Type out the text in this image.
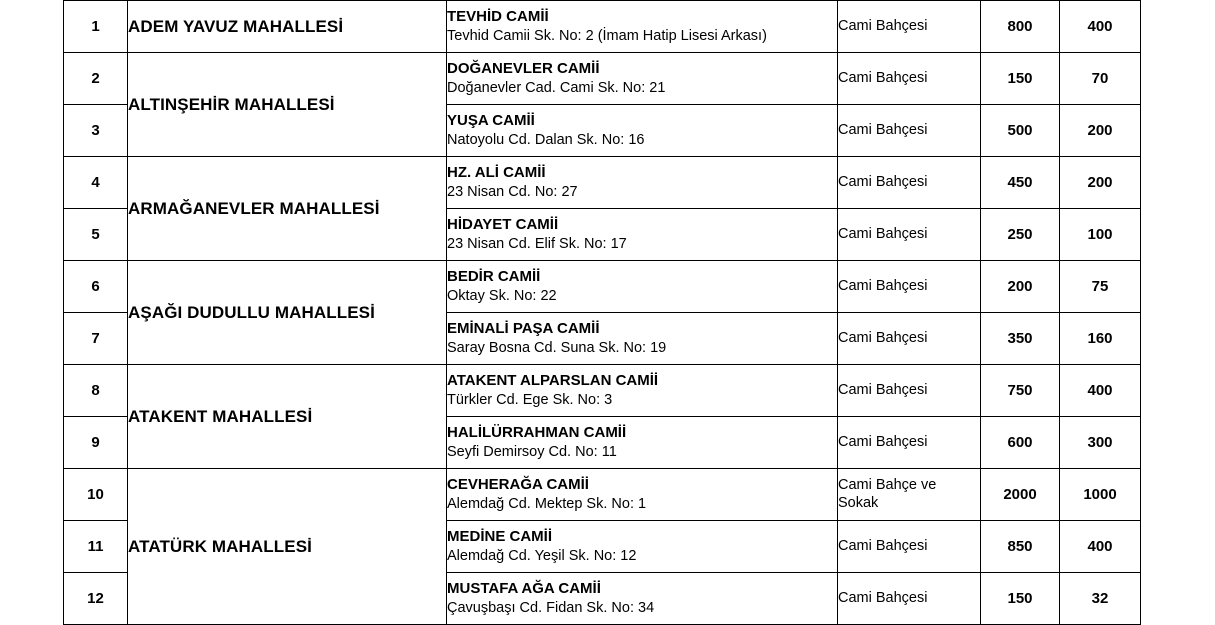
1	ADEM YAVUZ MAHALLESİ	TEVHİD CAMİİ
Tevhid Camii Sk. No: 2 (İmam Hatip Lisesi Arkası)	Cami Bahçesi	800	400
2	ALTINŞEHİR MAHALLESİ	DOĞANEVLER CAMİİ
Doğanevler Cad. Cami Sk. No: 21	Cami Bahçesi	150	70
3		YUŞA CAMİİ
Natoyolu Cd. Dalan Sk. No: 16	Cami Bahçesi	500	200
4	ARMAĞANEVLER MAHALLESİ	HZ. ALİ CAMİİ
23 Nisan Cd. No: 27	Cami Bahçesi	450	200
5		HİDAYET CAMİİ
23 Nisan Cd. Elif Sk. No: 17	Cami Bahçesi	250	100
6	AŞAĞI DUDULLU MAHALLESİ	BEDİR CAMİİ
Oktay Sk. No: 22	Cami Bahçesi	200	75
7		EMİNALİ PAŞA CAMİİ
Saray Bosna Cd. Suna Sk. No: 19	Cami Bahçesi	350	160
8	ATAKENT MAHALLESİ	ATAKENT ALPARSLAN CAMİİ
Türkler Cd. Ege Sk. No: 3	Cami Bahçesi	750	400
9		HALİLÜRRAHMAN CAMİİ
Seyfi Demirsoy Cd. No: 11	Cami Bahçesi	600	300
10	ATATÜRK MAHALLESİ	CEVHERAĞA CAMİİ
Alemdağ Cd. Mektep Sk. No: 1	Cami Bahçe ve Sokak	2000	1000
11		MEDİNE CAMİİ
Alemdağ Cd. Yeşil Sk. No: 12	Cami Bahçesi	850	400
12		MUSTAFA AĞA CAMİİ
Çavuşbaşı Cd. Fidan Sk. No: 34	Cami Bahçesi	150	32
